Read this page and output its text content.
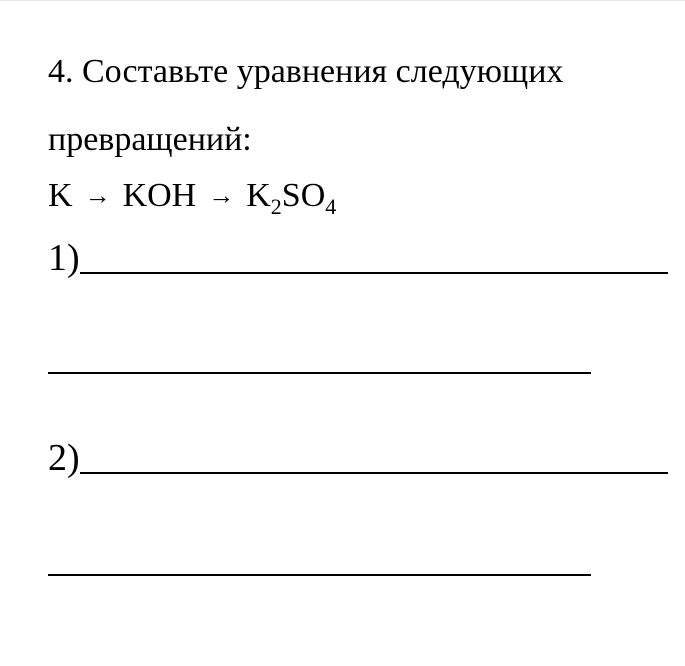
4. Составьте уравнения следующих превращений:

K → KOH → $K_2SO_4$

1)
2)
